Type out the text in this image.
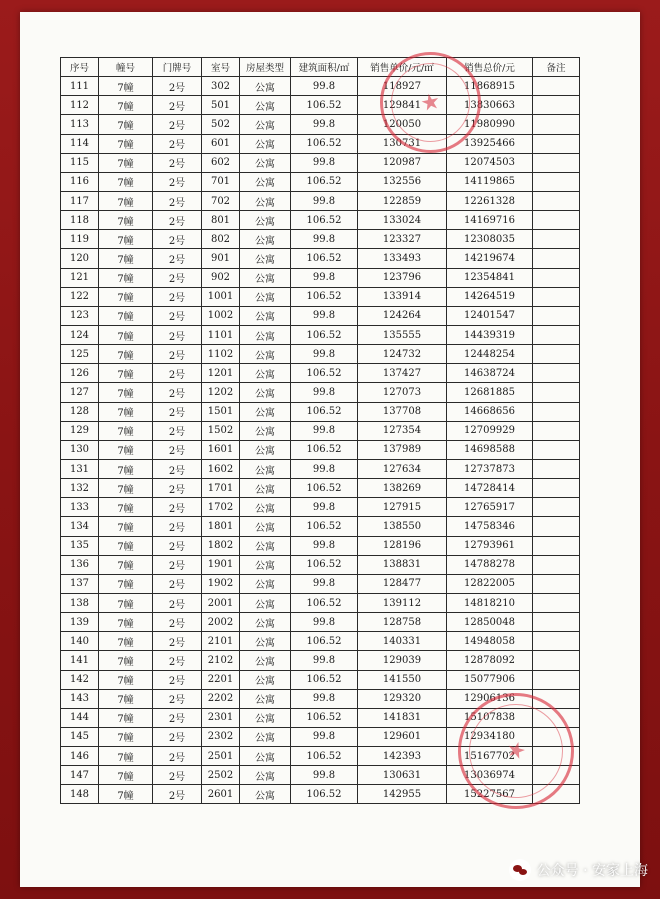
序号	幢号	门牌号	室号	房屋类型	建筑面积/㎡	销售单价/元/㎡	销售总价/元	备注
111	7幢	2号	302	公寓	99.8	118927	11868915	
112	7幢	2号	501	公寓	106.52	129841	13830663	
113	7幢	2号	502	公寓	99.8	120050	11980990	
114	7幢	2号	601	公寓	106.52	130731	13925466	
115	7幢	2号	602	公寓	99.8	120987	12074503	
116	7幢	2号	701	公寓	106.52	132556	14119865	
117	7幢	2号	702	公寓	99.8	122859	12261328	
118	7幢	2号	801	公寓	106.52	133024	14169716	
119	7幢	2号	802	公寓	99.8	123327	12308035	
120	7幢	2号	901	公寓	106.52	133493	14219674	
121	7幢	2号	902	公寓	99.8	123796	12354841	
122	7幢	2号	1001	公寓	106.52	133914	14264519	
123	7幢	2号	1002	公寓	99.8	124264	12401547	
124	7幢	2号	1101	公寓	106.52	135555	14439319	
125	7幢	2号	1102	公寓	99.8	124732	12448254	
126	7幢	2号	1201	公寓	106.52	137427	14638724	
127	7幢	2号	1202	公寓	99.8	127073	12681885	
128	7幢	2号	1501	公寓	106.52	137708	14668656	
129	7幢	2号	1502	公寓	99.8	127354	12709929	
130	7幢	2号	1601	公寓	106.52	137989	14698588	
131	7幢	2号	1602	公寓	99.8	127634	12737873	
132	7幢	2号	1701	公寓	106.52	138269	14728414	
133	7幢	2号	1702	公寓	99.8	127915	12765917	
134	7幢	2号	1801	公寓	106.52	138550	14758346	
135	7幢	2号	1802	公寓	99.8	128196	12793961	
136	7幢	2号	1901	公寓	106.52	138831	14788278	
137	7幢	2号	1902	公寓	99.8	128477	12822005	
138	7幢	2号	2001	公寓	106.52	139112	14818210	
139	7幢	2号	2002	公寓	99.8	128758	12850048	
140	7幢	2号	2101	公寓	106.52	140331	14948058	
141	7幢	2号	2102	公寓	99.8	129039	12878092	
142	7幢	2号	2201	公寓	106.52	141550	15077906	
143	7幢	2号	2202	公寓	99.8	129320	12906136	
144	7幢	2号	2301	公寓	106.52	141831	15107838	
145	7幢	2号	2302	公寓	99.8	129601	12934180	
146	7幢	2号	2501	公寓	106.52	142393	15167702	
147	7幢	2号	2502	公寓	99.8	130631	13036974	
148	7幢	2号	2601	公寓	106.52	142955	15227567	
★
★
公众号 · 安家上海
